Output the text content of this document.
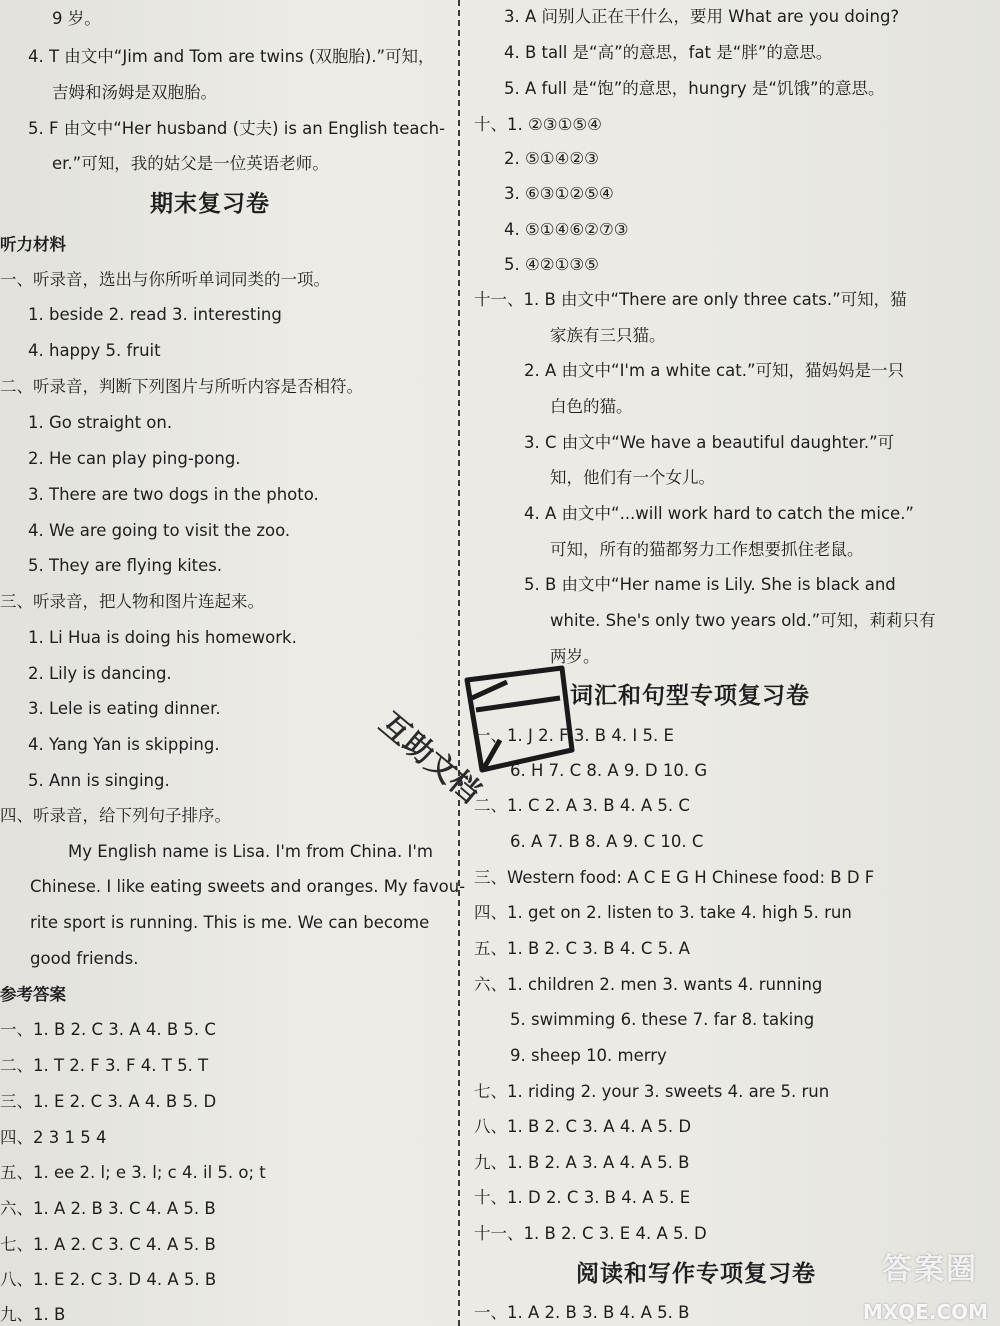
9 岁。
4. T 由文中“Jim and Tom are twins (双胞胎).”可知，
吉姆和汤姆是双胞胎。
5. F 由文中“Her husband (丈夫) is an English teach-
er.”可知，我的姑父是一位英语老师。
期末复习卷
听力材料
一、听录音，选出与你所听单词同类的一项。
1. beside 2. read 3. interesting
4. happy 5. fruit
二、听录音，判断下列图片与所听内容是否相符。
1. Go straight on.
2. He can play ping-pong.
3. There are two dogs in the photo.
4. We are going to visit the zoo.
5. They are flying kites.
三、听录音，把人物和图片连起来。
1. Li Hua is doing his homework.
2. Lily is dancing.
3. Lele is eating dinner.
4. Yang Yan is skipping.
5. Ann is singing.
四、听录音，给下列句子排序。
My English name is Lisa. I'm from China. I'm
Chinese. I like eating sweets and oranges. My favou-
rite sport is running. This is me. We can become
good friends.
参考答案
一、1. B 2. C 3. A 4. B 5. C
二、1. T 2. F 3. F 4. T 5. T
三、1. E 2. C 3. A 4. B 5. D
四、2 3 1 5 4
五、1. ee 2. l; e 3. l; c 4. il 5. o; t
六、1. A 2. B 3. C 4. A 5. B
七、1. A 2. C 3. C 4. A 5. B
八、1. E 2. C 3. D 4. A 5. B
九、1. B
3. A 问别人正在干什么，要用 What are you doing?
4. B tall 是“高”的意思，fat 是“胖”的意思。
5. A full 是“饱”的意思，hungry 是“饥饿”的意思。
十、1. ②③①⑤④
2. ⑤①④②③
3. ⑥③①②⑤④
4. ⑤①④⑥②⑦③
5. ④②①③⑤
十一、1. B 由文中“There are only three cats.”可知，猫
家族有三只猫。
2. A 由文中“I'm a white cat.”可知，猫妈妈是一只
白色的猫。
3. C 由文中“We have a beautiful daughter.”可
知，他们有一个女儿。
4. A 由文中“...will work hard to catch the mice.”
可知，所有的猫都努力工作想要抓住老鼠。
5. B 由文中“Her name is Lily. She is black and
white. She's only two years old.”可知，莉莉只有
两岁。
词汇和句型专项复习卷
一、1. J 2. F 3. B 4. I 5. E
6. H 7. C 8. A 9. D 10. G
二、1. C 2. A 3. B 4. A 5. C
6. A 7. B 8. A 9. C 10. C
三、Western food: A C E G H Chinese food: B D F
四、1. get on 2. listen to 3. take 4. high 5. run
五、1. B 2. C 3. B 4. C 5. A
六、1. children 2. men 3. wants 4. running
5. swimming 6. these 7. far 8. taking
9. sheep 10. merry
七、1. riding 2. your 3. sweets 4. are 5. run
八、1. B 2. C 3. A 4. A 5. D
九、1. B 2. A 3. A 4. A 5. B
十、1. D 2. C 3. B 4. A 5. E
十一、1. B 2. C 3. E 4. A 5. D
阅读和写作专项复习卷
一、1. A 2. B 3. B 4. A 5. B
互助文档
答案圈
MXQE.COM
